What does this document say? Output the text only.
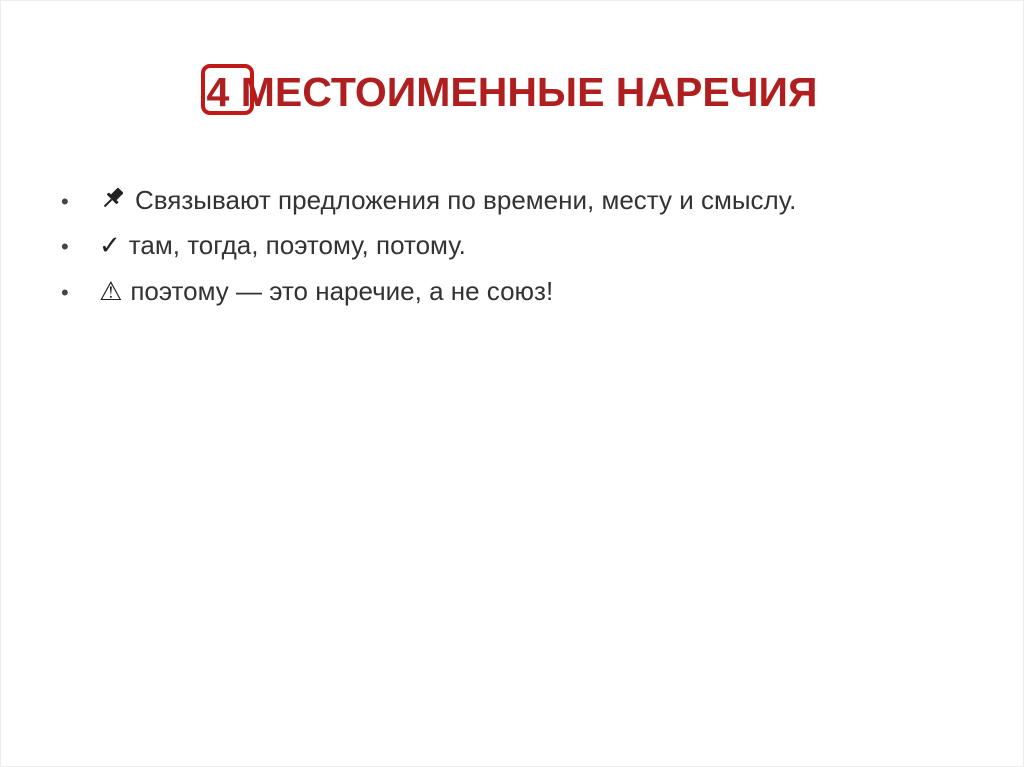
4 МЕСТОИМЕННЫЕ НАРЕЧИЯ
•	Связывают предложения по времени, месту и смыслу.
•	✓ там, тогда, поэтому, потому.
•	⚠ поэтому — это наречие, а не союз!
